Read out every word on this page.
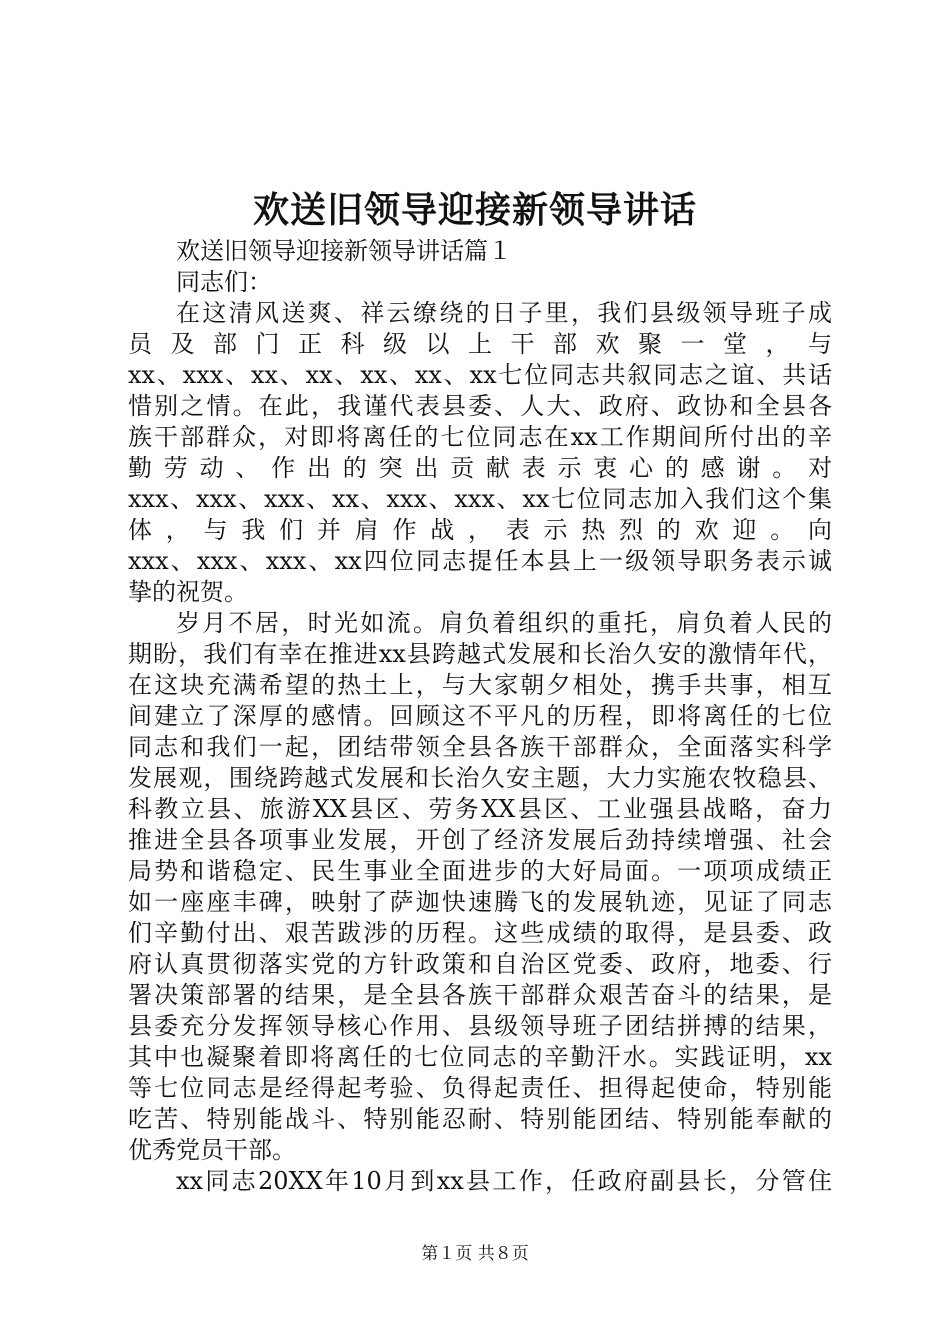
欢送旧领导迎接新领导讲话
欢送旧领导迎接新领导讲话篇１
同志们：
在这清风送爽、祥云缭绕的日子里，我们县级领导班子成
员及部门正科级以上干部欢聚一堂，与
xx、xxx、xx、xx、xx、xx、xx七位同志共叙同志之谊、共话
惜别之情。在此，我谨代表县委、人大、政府、政协和全县各
族干部群众，对即将离任的七位同志在xx工作期间所付出的辛
勤劳动、作出的突出贡献表示衷心的感谢。对
xxx、xxx、xxx、xx、xxx、xxx、xx七位同志加入我们这个集
体，与我们并肩作战，表示热烈的欢迎。向
xxx、xxx、xxx、xx四位同志提任本县上一级领导职务表示诚
挚的祝贺。
岁月不居，时光如流。肩负着组织的重托，肩负着人民的
期盼，我们有幸在推进xx县跨越式发展和长治久安的激情年代，
在这块充满希望的热土上，与大家朝夕相处，携手共事，相互
间建立了深厚的感情。回顾这不平凡的历程，即将离任的七位
同志和我们一起，团结带领全县各族干部群众，全面落实科学
发展观，围绕跨越式发展和长治久安主题，大力实施农牧稳县、
科教立县、旅游XX县区、劳务XX县区、工业强县战略，奋力
推进全县各项事业发展，开创了经济发展后劲持续增强、社会
局势和谐稳定、民生事业全面进步的大好局面。一项项成绩正
如一座座丰碑，映射了萨迦快速腾飞的发展轨迹，见证了同志
们辛勤付出、艰苦跋涉的历程。这些成绩的取得，是县委、政
府认真贯彻落实党的方针政策和自治区党委、政府，地委、行
署决策部署的结果，是全县各族干部群众艰苦奋斗的结果，是
县委充分发挥领导核心作用、县级领导班子团结拼搏的结果，
其中也凝聚着即将离任的七位同志的辛勤汗水。实践证明，xx
等七位同志是经得起考验、负得起责任、担得起使命，特别能
吃苦、特别能战斗、特别能忍耐、特别能团结、特别能奉献的
优秀党员干部。
xx同志20XX年10月到xx县工作，任政府副县长，分管住
第１页 共８页
